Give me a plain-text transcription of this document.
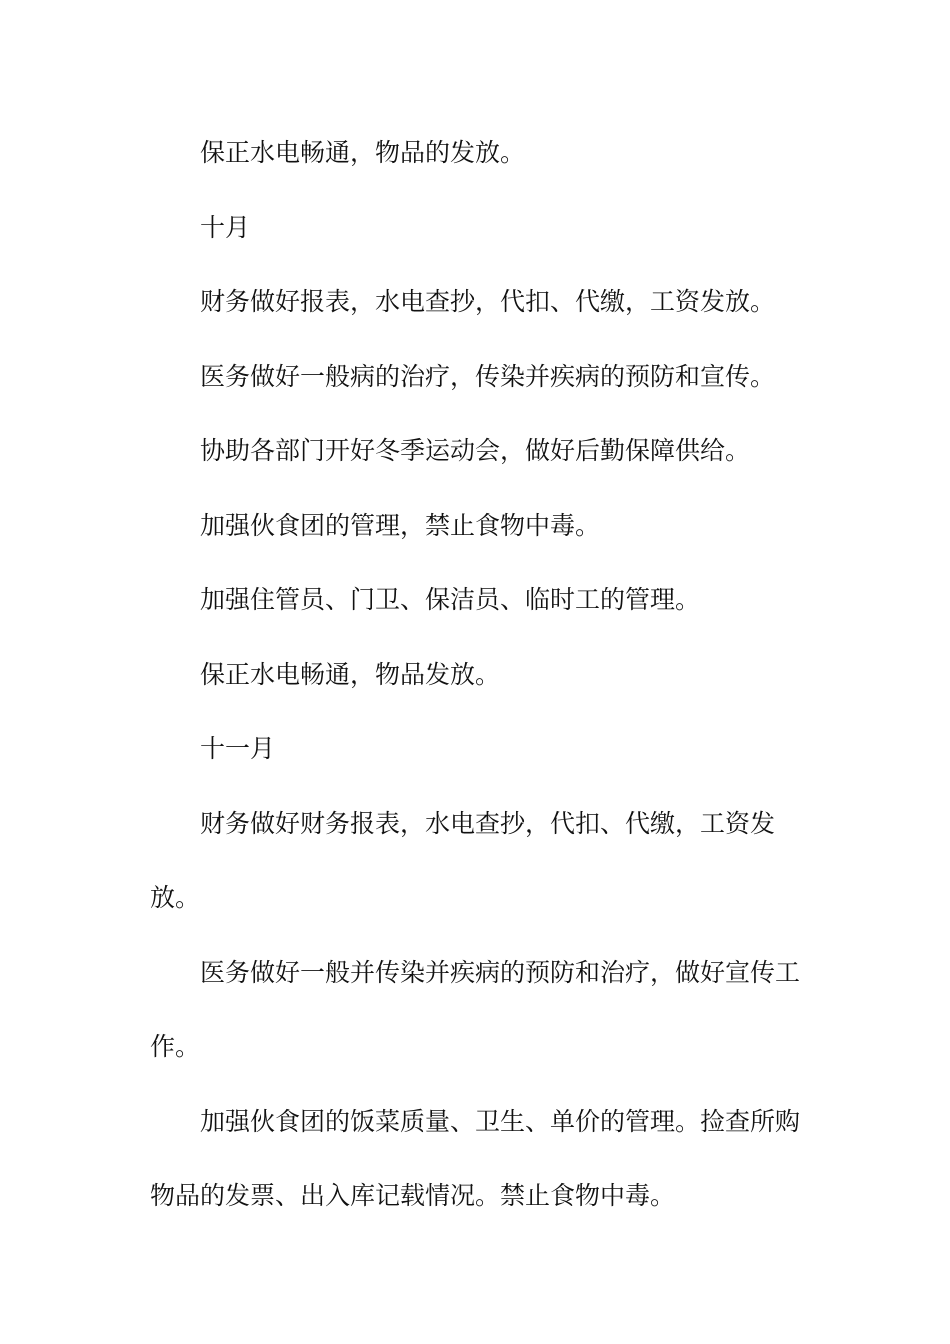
保正水电畅通，物品的发放。

十月

财务做好报表，水电查抄，代扣、代缴，工资发放。

医务做好一般病的治疗，传染并疾病的预防和宣传。

协助各部门开好冬季运动会，做好后勤保障供给。

加强伙食团的管理，禁止食物中毒。

加强住管员、门卫、保洁员、临时工的管理。

保正水电畅通，物品发放。

十一月

财务做好财务报表，水电查抄，代扣、代缴，工资发放。

医务做好一般并传染并疾病的预防和治疗，做好宣传工作。

加强伙食团的饭菜质量、卫生、单价的管理。捡查所购物品的发票、出入库记载情况。禁止食物中毒。
